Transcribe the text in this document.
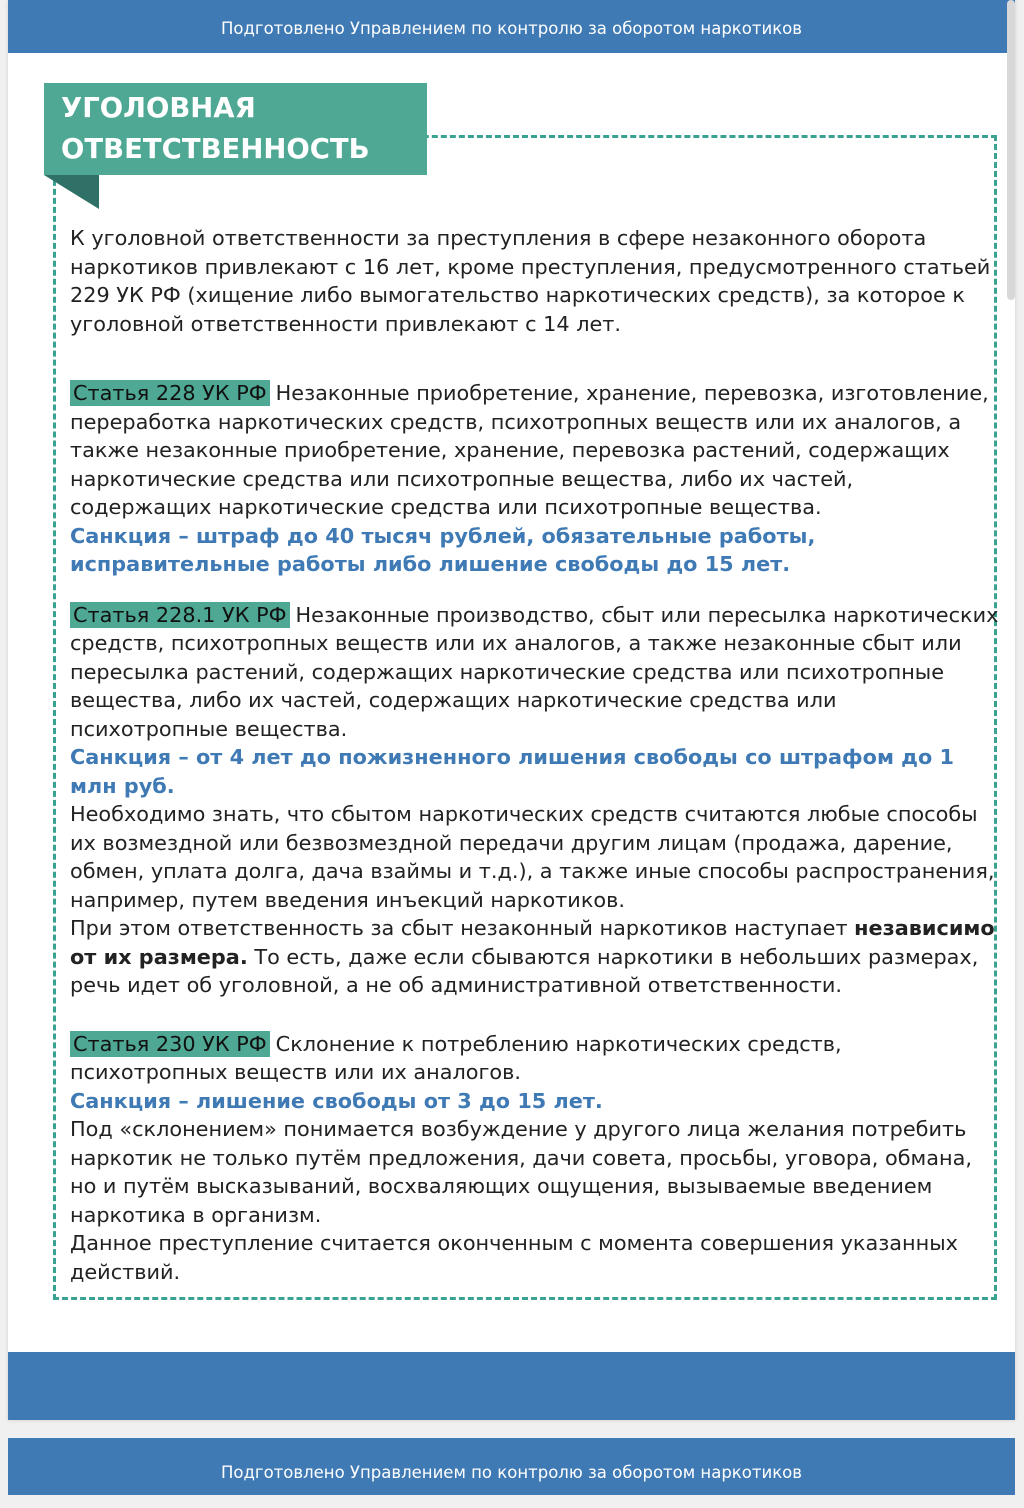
Подготовлено Управлением по контролю за оборотом наркотиков
УГОЛОВНАЯ
ОТВЕТСТВЕННОСТЬ

К уголовной ответственности за преступления в сфере незаконного оборота наркотиков привлекают с 16 лет, кроме преступления, предусмотренного статьей 229 УК РФ (хищение либо вымогательство наркотических средств), за которое к уголовной ответственности привлекают с 14 лет.

Статья 228 УК РФ Незаконные приобретение, хранение, перевозка, изготовление, переработка наркотических средств, психотропных веществ или их аналогов, а также незаконные приобретение, хранение, перевозка растений, содержащих наркотические средства или психотропные вещества, либо их частей, содержащих наркотические средства или психотропные вещества.

Санкция – штраф до 40 тысяч рублей, обязательные работы, исправительные работы либо лишение свободы до 15 лет.

Статья 228.1 УК РФ Незаконные производство, сбыт или пересылка наркотических средств, психотропных веществ или их аналогов, а также незаконные сбыт или пересылка растений, содержащих наркотические средства или психотропные вещества, либо их частей, содержащих наркотические средства или психотропные вещества.

Санкция – от 4 лет до пожизненного лишения свободы со штрафом до 1 млн руб.

Необходимо знать, что сбытом наркотических средств считаются любые способы их возмездной или безвозмездной передачи другим лицам (продажа, дарение, обмен, уплата долга, дача взаймы и т.д.), а также иные способы распространения, например, путем введения инъекций наркотиков.

При этом ответственность за сбыт незаконный наркотиков наступает независимо от их размера. То есть, даже если сбываются наркотики в небольших размерах, речь идет об уголовной, а не об административной ответственности.

Статья 230 УК РФ Склонение к потреблению наркотических средств, психотропных веществ или их аналогов.

Санкция – лишение свободы от 3 до 15 лет.

Под «склонением» понимается возбуждение у другого лица желания потребить наркотик не только путём предложения, дачи совета, просьбы, уговора, обмана, но и путём высказываний, восхваляющих ощущения, вызываемые введением наркотика в организм.

Данное преступление считается оконченным с момента совершения указанных действий.

Подготовлено Управлением по контролю за оборотом наркотиков
